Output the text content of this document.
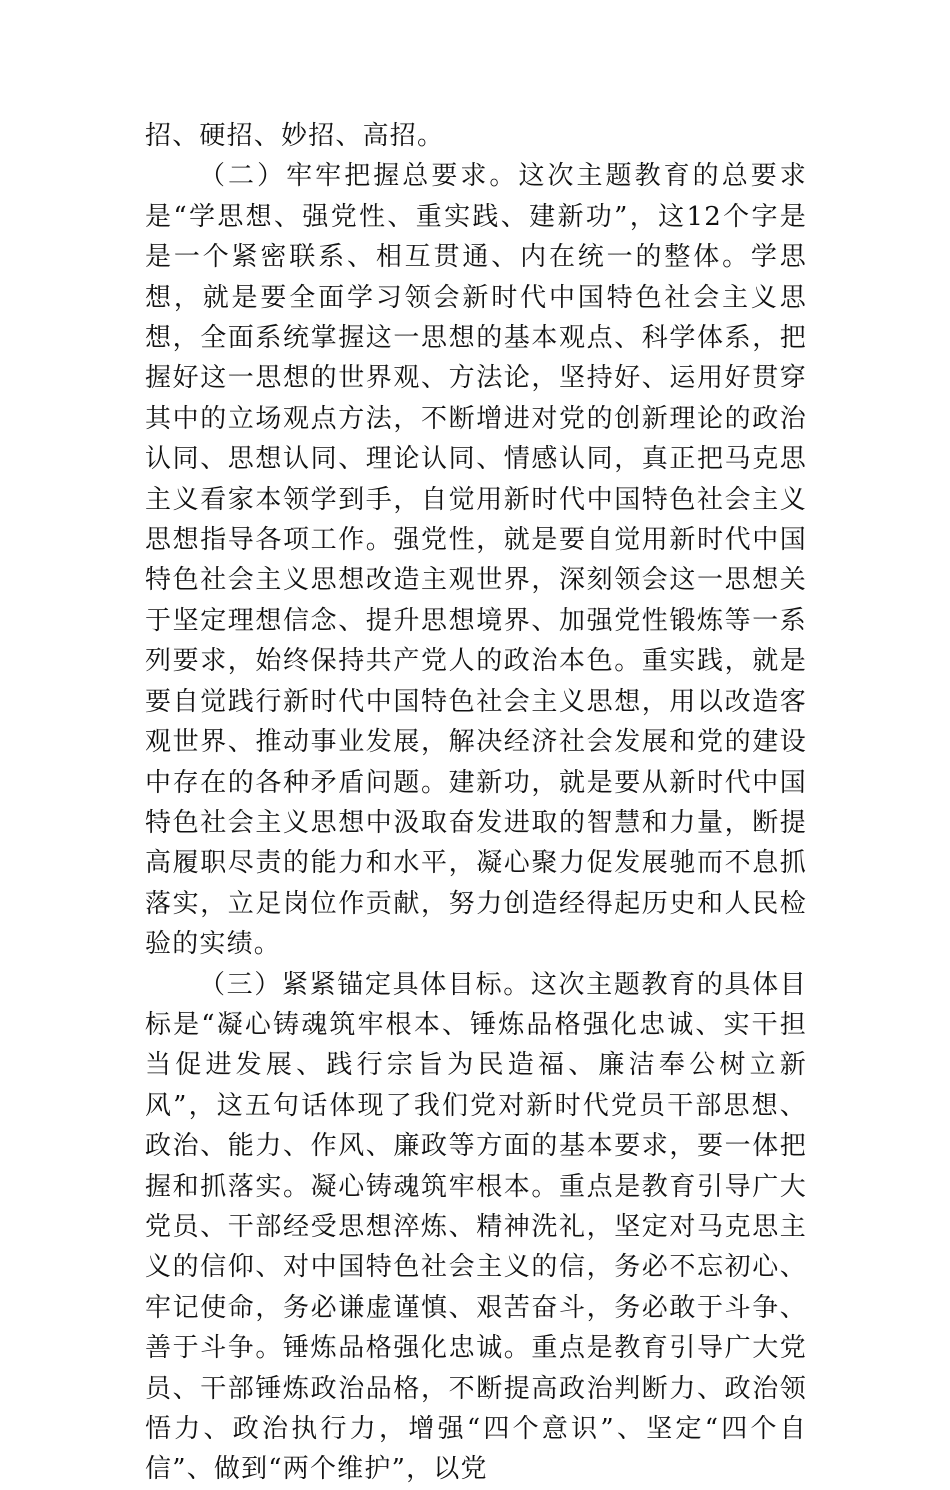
招、硬招、妙招、高招。

（二）牢牢把握总要求。这次主题教育的总要求是“学思想、强党性、重实践、建新功”，这12个字是是一个紧密联系、相互贯通、内在统一的整体。学思想，就是要全面学习领会新时代中国特色社会主义思想，全面系统掌握这一思想的基本观点、科学体系，把握好这一思想的世界观、方法论，坚持好、运用好贯穿其中的立场观点方法，不断增进对党的创新理论的政治认同、思想认同、理论认同、情感认同，真正把马克思主义看家本领学到手，自觉用新时代中国特色社会主义思想指导各项工作。强党性，就是要自觉用新时代中国特色社会主义思想改造主观世界，深刻领会这一思想关于坚定理想信念、提升思想境界、加强党性锻炼等一系列要求，始终保持共产党人的政治本色。重实践，就是要自觉践行新时代中国特色社会主义思想，用以改造客观世界、推动事业发展，解决经济社会发展和党的建设中存在的各种矛盾问题。建新功，就是要从新时代中国特色社会主义思想中汲取奋发进取的智慧和力量，断提高履职尽责的能力和水平，凝心聚力促发展驰而不息抓落实，立足岗位作贡献，努力创造经得起历史和人民检验的实绩。

（三）紧紧锚定具体目标。这次主题教育的具体目标是“凝心铸魂筑牢根本、锤炼品格强化忠诚、实干担当促进发展、践行宗旨为民造福、廉洁奉公树立新风”，这五句话体现了我们党对新时代党员干部思想、政治、能力、作风、廉政等方面的基本要求，要一体把握和抓落实。凝心铸魂筑牢根本。重点是教育引导广大党员、干部经受思想淬炼、精神洗礼，坚定对马克思主义的信仰、对中国特色社会主义的信，务必不忘初心、牢记使命，务必谦虚谨慎、艰苦奋斗，务必敢于斗争、善于斗争。锤炼品格强化忠诚。重点是教育引导广大党员、干部锤炼政治品格，不断提高政治判断力、政治领悟力、政治执行力，增强“四个意识”、坚定“四个自信”、做到“两个维护”，以党
